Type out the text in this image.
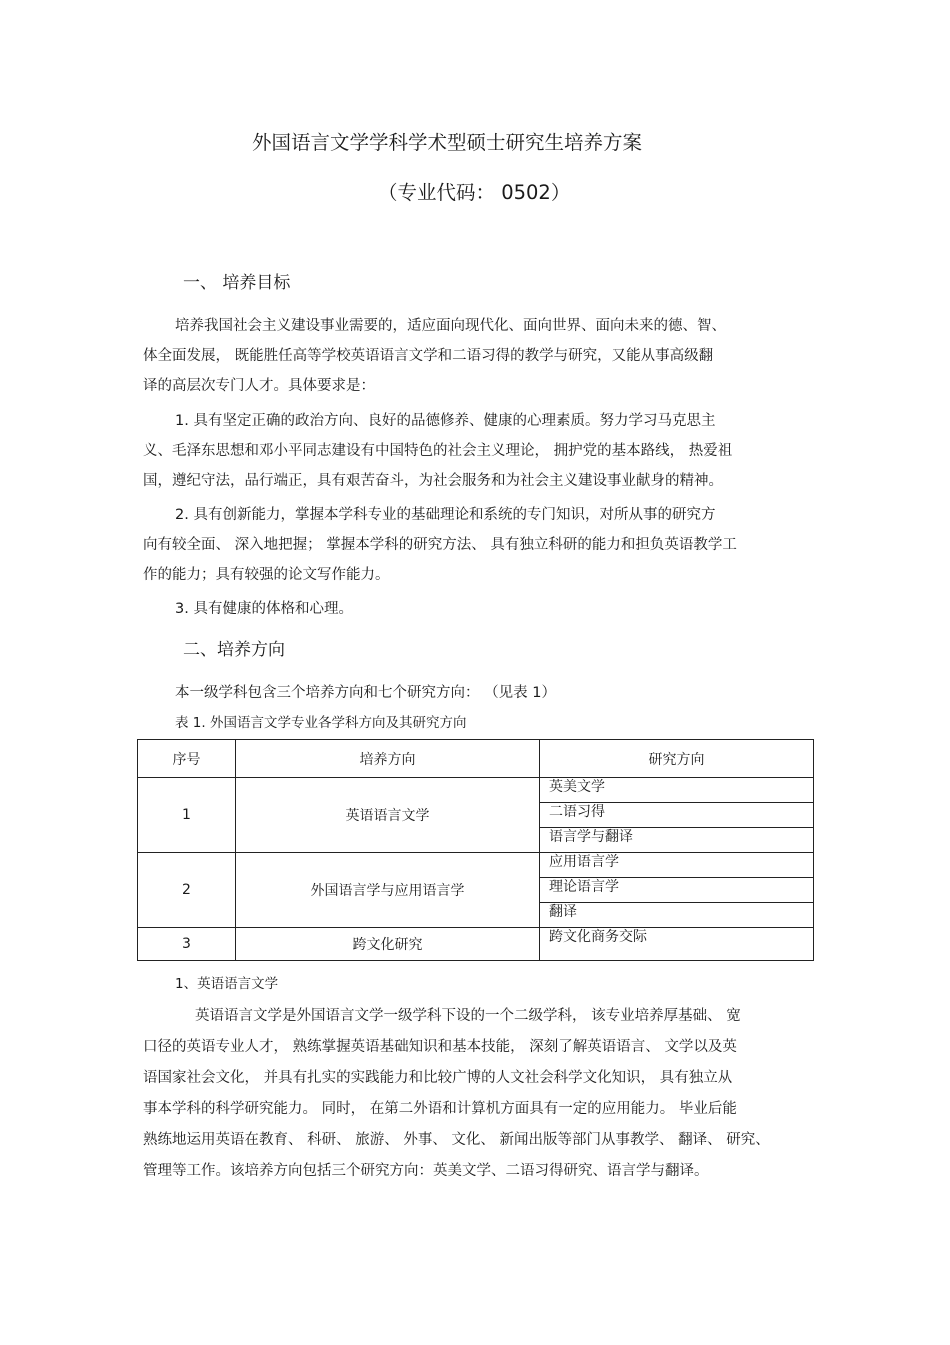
外国语言文学学科学术型硕士研究生培养方案
（专业代码： 0502）
一、 培养目标
培养我国社会主义建设事业需要的，适应面向现代化、面向世界、面向未来的德、智、
体全面发展， 既能胜任高等学校英语语言文学和二语习得的教学与研究，又能从事高级翻
译的高层次专门人才。具体要求是：
1. 具有坚定正确的政治方向、良好的品德修养、健康的心理素质。努力学习马克思主
义、毛泽东思想和邓小平同志建设有中国特色的社会主义理论， 拥护党的基本路线， 热爱祖
国，遵纪守法，品行端正，具有艰苦奋斗，为社会服务和为社会主义建设事业献身的精神。
2. 具有创新能力，掌握本学科专业的基础理论和系统的专门知识，对所从事的研究方
向有较全面、 深入地把握； 掌握本学科的研究方法、 具有独立科研的能力和担负英语教学工
作的能力；具有较强的论文写作能力。
3. 具有健康的体格和心理。
二、培养方向
本一级学科包含三个培养方向和七个研究方向： （见表 1）
表 1. 外国语言文学专业各学科方向及其研究方向
序号	培养方向	研究方向
1	英语语言文学	英美文学
		二语习得
		语言学与翻译
2	外国语言学与应用语言学	应用语言学
		理论语言学
		翻译
3	跨文化研究	跨文化商务交际
1、英语语言文学
英语语言文学是外国语言文学一级学科下设的一个二级学科， 该专业培养厚基础、 宽
口径的英语专业人才， 熟练掌握英语基础知识和基本技能， 深刻了解英语语言、 文学以及英
语国家社会文化， 并具有扎实的实践能力和比较广博的人文社会科学文化知识， 具有独立从
事本学科的科学研究能力。 同时， 在第二外语和计算机方面具有一定的应用能力。 毕业后能
熟练地运用英语在教育、 科研、 旅游、 外事、 文化、 新闻出版等部门从事教学、 翻译、 研究、
管理等工作。该培养方向包括三个研究方向：英美文学、二语习得研究、语言学与翻译。
